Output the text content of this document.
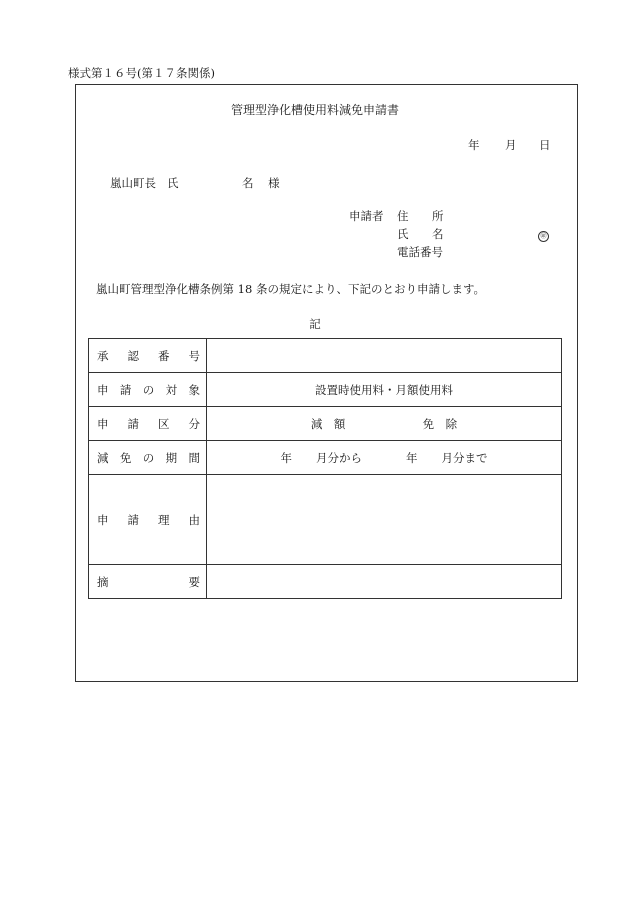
様式第１６号(第１７条関係)
管理型浄化槽使用料減免申請書
年 月 日
嵐山町長 氏	名 様
申請者 住 所
氏 名	㊞
電話番号
嵐山町管理型浄化槽条例第 18 条の規定により、下記のとおり申請します。
記
承 認 番 号	

申 請 の 対 象	設置時使用料・月額使用料

申 請 区 分	減　額 免　除

減 免 の 期 間	年 月分から 年 月分まで

申 請 理 由	

摘 要	
